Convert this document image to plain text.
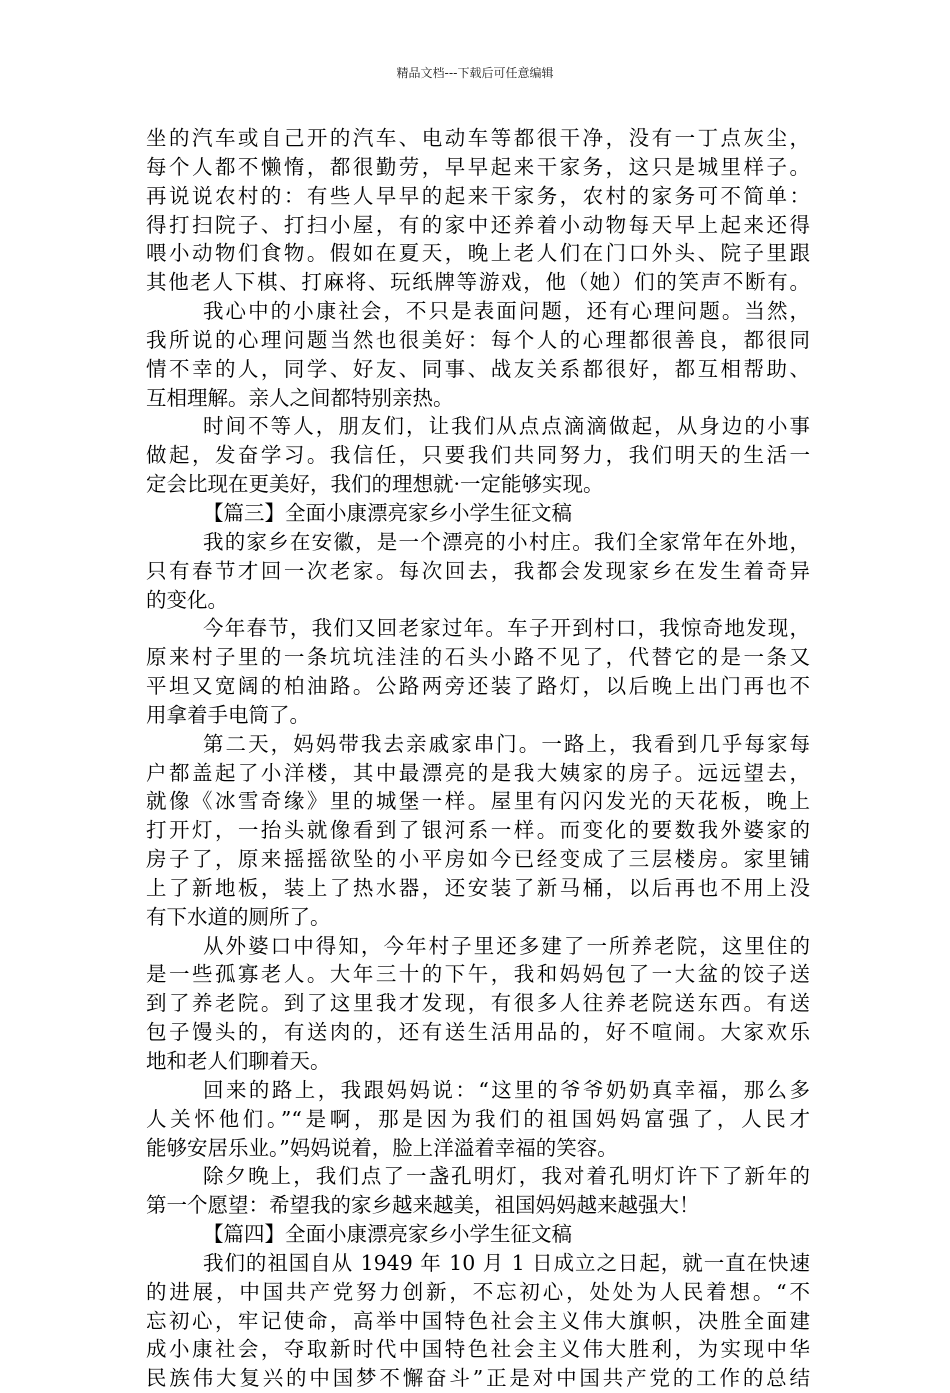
精品文档---下载后可任意编辑
坐的汽车或自己开的汽车、电动车等都很干净，没有一丁点灰尘，
每个人都不懒惰，都很勤劳，早早起来干家务，这只是城里样子。
再说说农村的：有些人早早的起来干家务，农村的家务可不简单：
得打扫院子、打扫小屋，有的家中还养着小动物每天早上起来还得
喂小动物们食物。假如在夏天，晚上老人们在门口外头、院子里跟
其他老人下棋、打麻将、玩纸牌等游戏，他（她）们的笑声不断有。
我心中的小康社会，不只是表面问题，还有心理问题。当然，
我所说的心理问题当然也很美好：每个人的心理都很善良，都很同
情不幸的人，同学、好友、同事、战友关系都很好，都互相帮助、
互相理解。亲人之间都特别亲热。
时间不等人，朋友们，让我们从点点滴滴做起，从身边的小事
做起，发奋学习。我信任，只要我们共同努力，我们明天的生活一
定会比现在更美好，我们的理想就·一定能够实现。
【篇三】全面小康漂亮家乡小学生征文稿
我的家乡在安徽，是一个漂亮的小村庄。我们全家常年在外地，
只有春节才回一次老家。每次回去，我都会发现家乡在发生着奇异
的变化。
今年春节，我们又回老家过年。车子开到村口，我惊奇地发现，
原来村子里的一条坑坑洼洼的石头小路不见了，代替它的是一条又
平坦又宽阔的柏油路。公路两旁还装了路灯，以后晚上出门再也不
用拿着手电筒了。
第二天，妈妈带我去亲戚家串门。一路上，我看到几乎每家每
户都盖起了小洋楼，其中最漂亮的是我大姨家的房子。远远望去，
就像《冰雪奇缘》里的城堡一样。屋里有闪闪发光的天花板，晚上
打开灯，一抬头就像看到了银河系一样。而变化的要数我外婆家的
房子了，原来摇摇欲坠的小平房如今已经变成了三层楼房。家里铺
上了新地板，装上了热水器，还安装了新马桶，以后再也不用上没
有下水道的厕所了。
从外婆口中得知，今年村子里还多建了一所养老院，这里住的
是一些孤寡老人。大年三十的下午，我和妈妈包了一大盆的饺子送
到了养老院。到了这里我才发现，有很多人往养老院送东西。有送
包子馒头的，有送肉的，还有送生活用品的，好不喧闹。大家欢乐
地和老人们聊着天。
回来的路上，我跟妈妈说：“这里的爷爷奶奶真幸福，那么多
人关怀他们。”“是啊，那是因为我们的祖国妈妈富强了，人民才
能够安居乐业。”妈妈说着，脸上洋溢着幸福的笑容。
除夕晚上，我们点了一盏孔明灯，我对着孔明灯许下了新年的
第一个愿望：希望我的家乡越来越美，祖国妈妈越来越强大！
【篇四】全面小康漂亮家乡小学生征文稿
我们的祖国自从 1949 年 10 月 1 日成立之日起，就一直在快速
的进展，中国共产党努力创新，不忘初心，处处为人民着想。“不
忘初心，牢记使命，高举中国特色社会主义伟大旗帜，决胜全面建
成小康社会，夺取新时代中国特色社会主义伟大胜利，为实现中华
民族伟大复兴的中国梦不懈奋斗”正是对中国共产党的工作的总结
